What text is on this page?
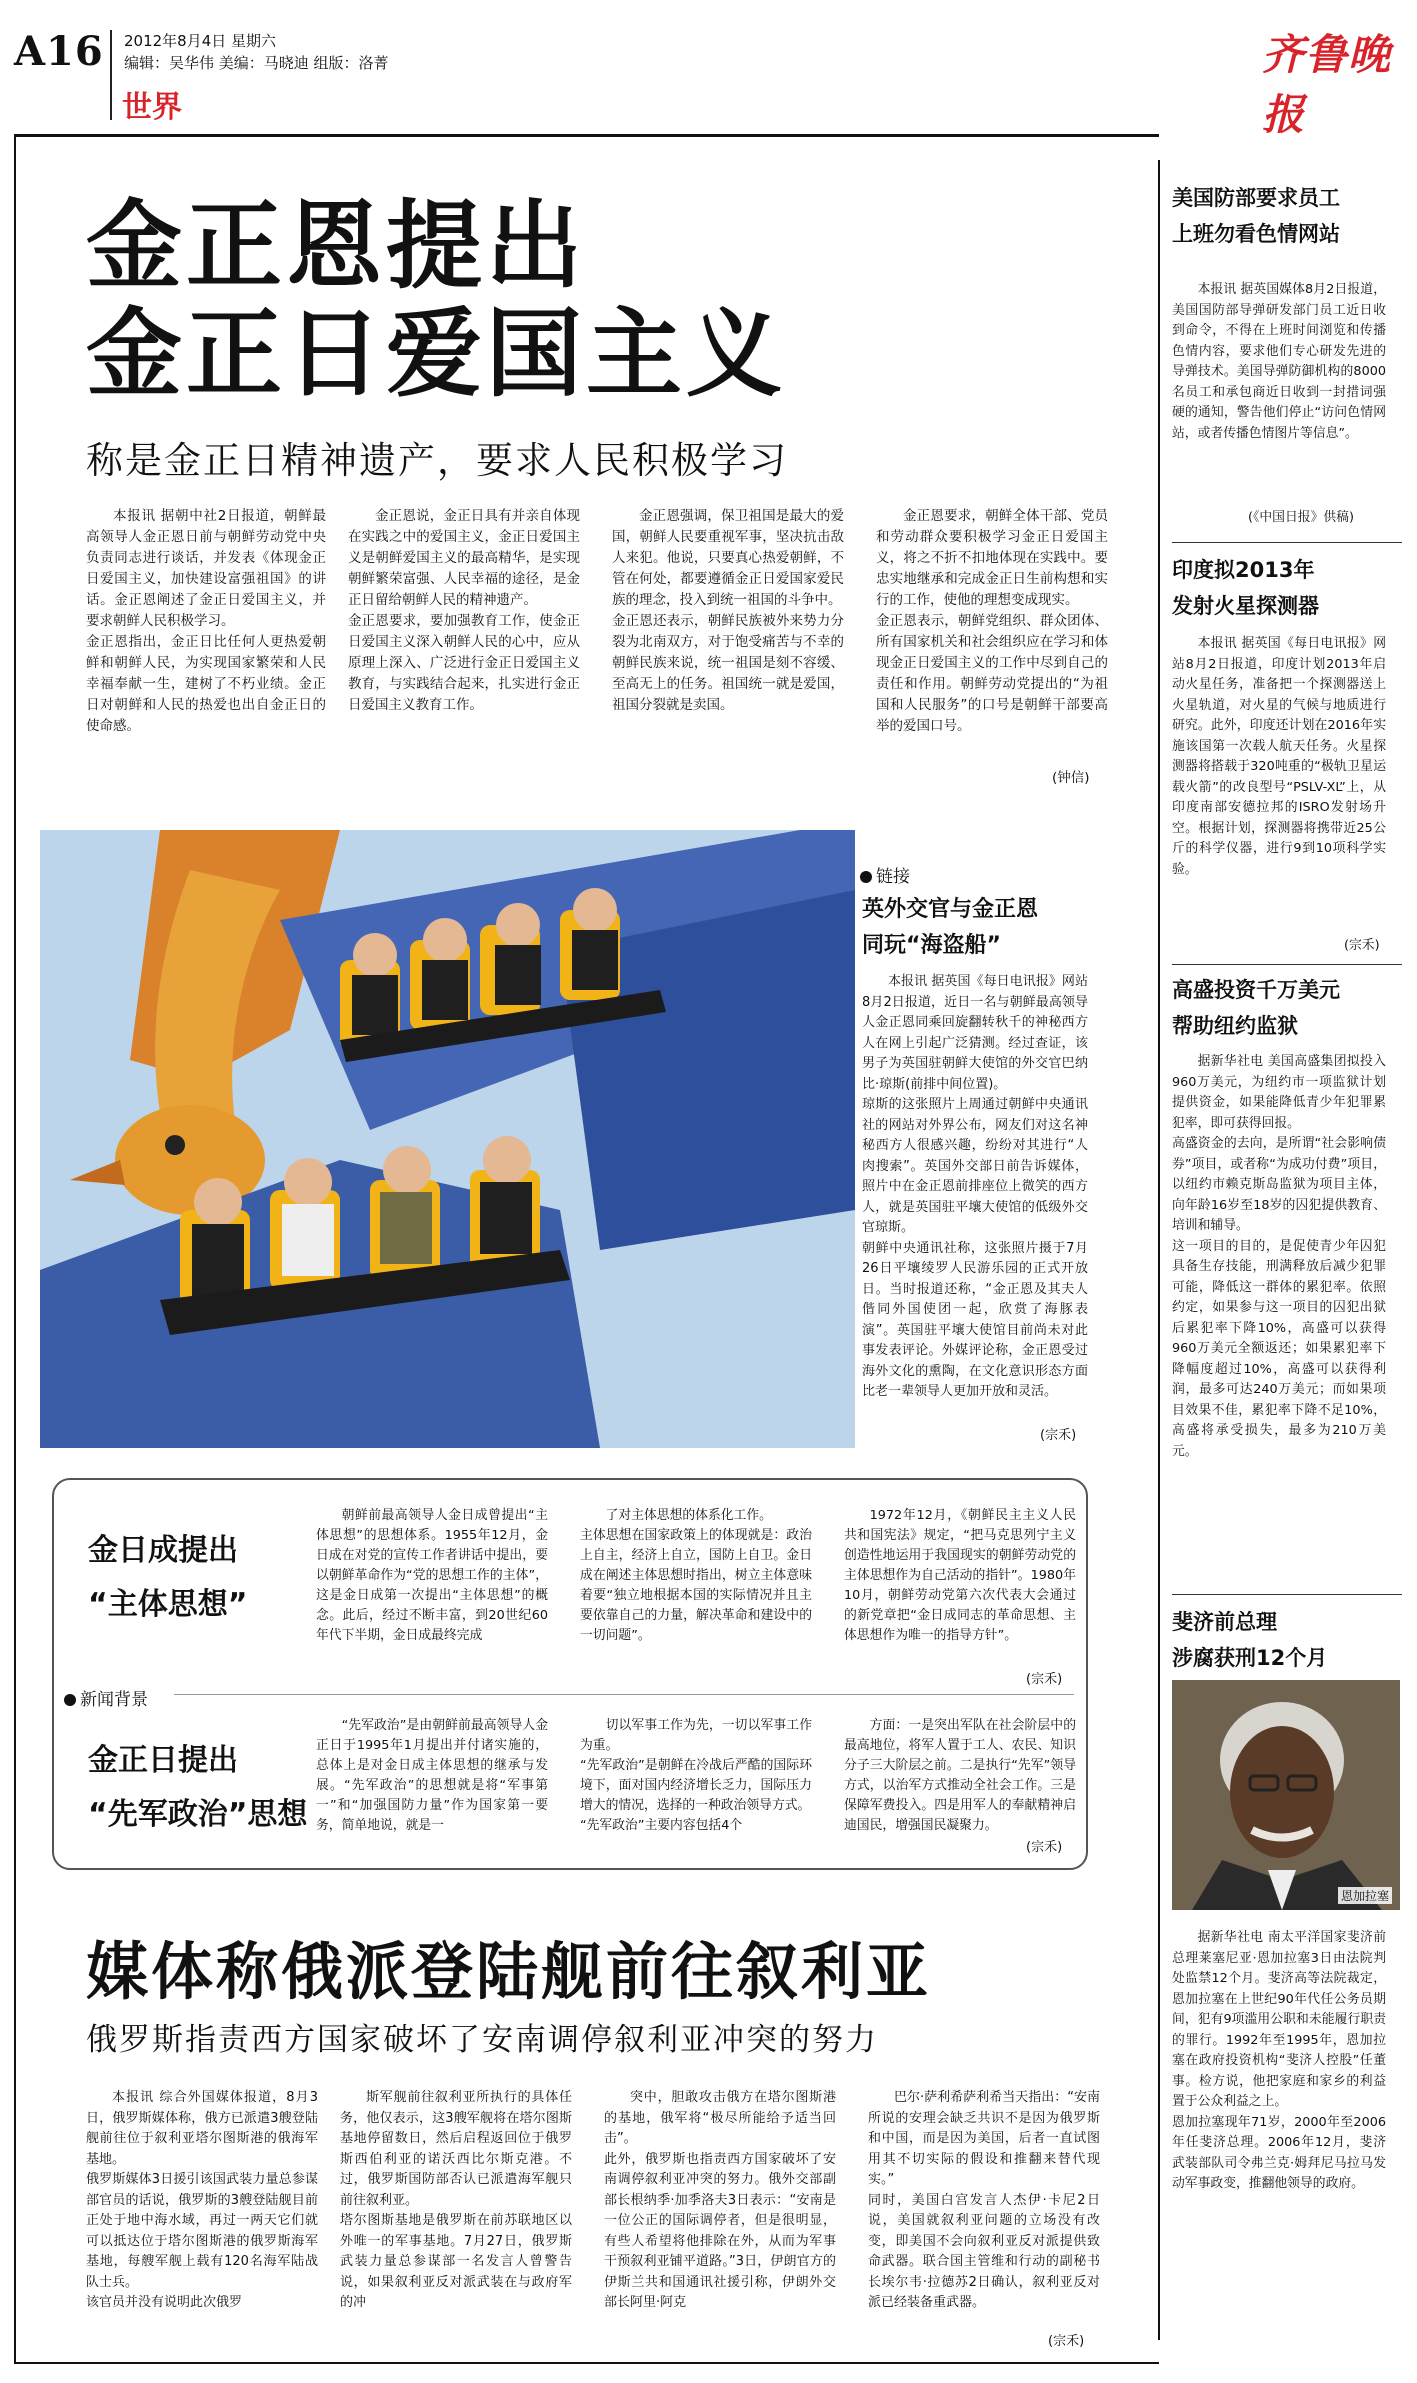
A16 2012年8月4日 星期六
编辑：吴华伟 美编：马晓迪 组版：洛菁
世界
齐鲁晚报
金正恩提出
金正日爱国主义
称是金正日精神遗产，要求人民积极学习
本报讯 据朝中社2日报道，朝鲜最高领导人金正恩日前与朝鲜劳动党中央负责同志进行谈话，并发表《体现金正日爱国主义，加快建设富强祖国》的讲话。金正恩阐述了金正日爱国主义，并要求朝鲜人民积极学习。
金正恩指出，金正日比任何人更热爱朝鲜和朝鲜人民，为实现国家繁荣和人民幸福奉献一生，建树了不朽业绩。金正日对朝鲜和人民的热爱也出自金正日的使命感。
金正恩说，金正日具有并亲自体现在实践之中的爱国主义，金正日爱国主义是朝鲜爱国主义的最高精华，是实现朝鲜繁荣富强、人民幸福的途径，是金正日留给朝鲜人民的精神遗产。
金正恩要求，要加强教育工作，使金正日爱国主义深入朝鲜人民的心中，应从原理上深入、广泛进行金正日爱国主义教育，与实践结合起来，扎实进行金正日爱国主义教育工作。
金正恩强调，保卫祖国是最大的爱国，朝鲜人民要重视军事，坚决抗击敌人来犯。他说，只要真心热爱朝鲜，不管在何处，都要遵循金正日爱国家爱民族的理念，投入到统一祖国的斗争中。
金正恩还表示，朝鲜民族被外来势力分裂为北南双方，对于饱受痛苦与不幸的朝鲜民族来说，统一祖国是刻不容缓、至高无上的任务。祖国统一就是爱国，祖国分裂就是卖国。
金正恩要求，朝鲜全体干部、党员和劳动群众要积极学习金正日爱国主义，将之不折不扣地体现在实践中。要忠实地继承和完成金正日生前构想和实行的工作，使他的理想变成现实。
金正恩表示，朝鲜党组织、群众团体、所有国家机关和社会组织应在学习和体现金正日爱国主义的工作中尽到自己的责任和作用。朝鲜劳动党提出的“为祖国和人民服务”的口号是朝鲜干部要高举的爱国口号。
(钟信)
链接
英外交官与金正恩
同玩“海盗船”
本报讯 据英国《每日电讯报》网站8月2日报道，近日一名与朝鲜最高领导人金正恩同乘回旋翻转秋千的神秘西方人在网上引起广泛猜测。经过查证，该男子为英国驻朝鲜大使馆的外交官巴纳比·琼斯(前排中间位置)。
琼斯的这张照片上周通过朝鲜中央通讯社的网站对外界公布，网友们对这名神秘西方人很感兴趣，纷纷对其进行“人肉搜索”。英国外交部日前告诉媒体，照片中在金正恩前排座位上微笑的西方人，就是英国驻平壤大使馆的低级外交官琼斯。
朝鲜中央通讯社称，这张照片摄于7月26日平壤绫罗人民游乐园的正式开放日。当时报道还称，“金正恩及其夫人偕同外国使团一起，欣赏了海豚表演”。英国驻平壤大使馆目前尚未对此事发表评论。外媒评论称，金正恩受过海外文化的熏陶，在文化意识形态方面比老一辈领导人更加开放和灵活。
(宗禾)
金日成提出
“主体思想”
朝鲜前最高领导人金日成曾提出“主体思想”的思想体系。1955年12月，金日成在对党的宣传工作者讲话中提出，要以朝鲜革命作为“党的思想工作的主体”，这是金日成第一次提出“主体思想”的概念。此后，经过不断丰富，到20世纪60年代下半期，金日成最终完成
了对主体思想的体系化工作。
主体思想在国家政策上的体现就是：政治上自主，经济上自立，国防上自卫。金日成在阐述主体思想时指出，树立主体意味着要“独立地根据本国的实际情况并且主要依靠自己的力量，解决革命和建设中的一切问题”。
1972年12月，《朝鲜民主主义人民共和国宪法》规定，“把马克思列宁主义创造性地运用于我国现实的朝鲜劳动党的主体思想作为自己活动的指针”。1980年10月，朝鲜劳动党第六次代表大会通过的新党章把“金日成同志的革命思想、主体思想作为唯一的指导方针”。
(宗禾)
新闻背景
金正日提出
“先军政治”思想
“先军政治”是由朝鲜前最高领导人金正日于1995年1月提出并付诸实施的，总体上是对金日成主体思想的继承与发展。“先军政治”的思想就是将“军事第一”和“加强国防力量”作为国家第一要务，简单地说，就是一
切以军事工作为先，一切以军事工作为重。
“先军政治”是朝鲜在冷战后严酷的国际环境下，面对国内经济增长乏力，国际压力增大的情况，选择的一种政治领导方式。
“先军政治”主要内容包括4个
方面：一是突出军队在社会阶层中的最高地位，将军人置于工人、农民、知识分子三大阶层之前。二是执行“先军”领导方式，以治军方式推动全社会工作。三是保障军费投入。四是用军人的奉献精神启迪国民，增强国民凝聚力。
(宗禾)
媒体称俄派登陆舰前往叙利亚
俄罗斯指责西方国家破坏了安南调停叙利亚冲突的努力
本报讯 综合外国媒体报道，8月3日，俄罗斯媒体称，俄方已派遣3艘登陆舰前往位于叙利亚塔尔图斯港的俄海军基地。
俄罗斯媒体3日援引该国武装力量总参谋部官员的话说，俄罗斯的3艘登陆舰目前正处于地中海水域，再过一两天它们就可以抵达位于塔尔图斯港的俄罗斯海军基地，每艘军舰上载有120名海军陆战队士兵。
该官员并没有说明此次俄罗
斯军舰前往叙利亚所执行的具体任务，他仅表示，这3艘军舰将在塔尔图斯基地停留数日，然后启程返回位于俄罗斯西伯利亚的诺沃西比尔斯克港。不过，俄罗斯国防部否认已派遣海军舰只前往叙利亚。
塔尔图斯基地是俄罗斯在前苏联地区以外唯一的军事基地。7月27日，俄罗斯武装力量总参谋部一名发言人曾警告说，如果叙利亚反对派武装在与政府军的冲
突中，胆敢攻击俄方在塔尔图斯港的基地，俄军将“极尽所能给予适当回击”。
此外，俄罗斯也指责西方国家破坏了安南调停叙利亚冲突的努力。俄外交部副部长根纳季·加季洛夫3日表示：“安南是一位公正的国际调停者，但是很明显，有些人希望将他排除在外，从而为军事干预叙利亚铺平道路。”3日，伊朗官方的伊斯兰共和国通讯社援引称，伊朗外交部长阿里·阿克
巴尔·萨利希萨利希当天指出：“安南所说的安理会缺乏共识不是因为俄罗斯和中国，而是因为美国，后者一直试图用其不切实际的假设和推翻来替代现实。”
同时，美国白宫发言人杰伊·卡尼2日说，美国就叙利亚问题的立场没有改变，即美国不会向叙利亚反对派提供致命武器。联合国主管维和行动的副秘书长埃尔韦·拉德苏2日确认，叙利亚反对派已经装备重武器。
(宗禾)
美国防部要求员工
上班勿看色情网站
本报讯 据英国媒体8月2日报道，美国国防部导弹研发部门员工近日收到命令，不得在上班时间浏览和传播色情内容，要求他们专心研发先进的导弹技术。美国导弹防御机构的8000名员工和承包商近日收到一封措词强硬的通知，警告他们停止“访问色情网站，或者传播色情图片等信息”。
(《中国日报》供稿)
印度拟2013年
发射火星探测器
本报讯 据英国《每日电讯报》网站8月2日报道，印度计划2013年启动火星任务，准备把一个探测器送上火星轨道，对火星的气候与地质进行研究。此外，印度还计划在2016年实施该国第一次载人航天任务。火星探测器将搭载于320吨重的“极轨卫星运载火箭”的改良型号“PSLV-XL”上，从印度南部安德拉邦的ISRO发射场升空。根据计划，探测器将携带近25公斤的科学仪器，进行9到10项科学实验。
(宗禾)
高盛投资千万美元
帮助纽约监狱
据新华社电 美国高盛集团拟投入960万美元，为纽约市一项监狱计划提供资金，如果能降低青少年犯罪累犯率，即可获得回报。
高盛资金的去向，是所谓“社会影响债券”项目，或者称“为成功付费”项目，以纽约市赖克斯岛监狱为项目主体，向年龄16岁至18岁的囚犯提供教育、培训和辅导。
这一项目的目的，是促使青少年囚犯具备生存技能，刑满释放后减少犯罪可能，降低这一群体的累犯率。依照约定，如果参与这一项目的囚犯出狱后累犯率下降10%，高盛可以获得960万美元全额返还；如果累犯率下降幅度超过10%，高盛可以获得利润，最多可达240万美元；而如果项目效果不佳，累犯率下降不足10%，高盛将承受损失，最多为210万美元。
斐济前总理
涉腐获刑12个月
恩加拉塞
据新华社电 南太平洋国家斐济前总理莱塞尼亚·恩加拉塞3日由法院判处监禁12个月。斐济高等法院裁定，恩加拉塞在上世纪90年代任公务员期间，犯有9项滥用公职和未能履行职责的罪行。1992年至1995年，恩加拉塞在政府投资机构“斐济人控股”任董事。检方说，他把家庭和家乡的利益置于公众利益之上。
恩加拉塞现年71岁，2000年至2006年任斐济总理。2006年12月，斐济武装部队司令弗兰克·姆拜尼马拉马发动军事政变，推翻他领导的政府。
